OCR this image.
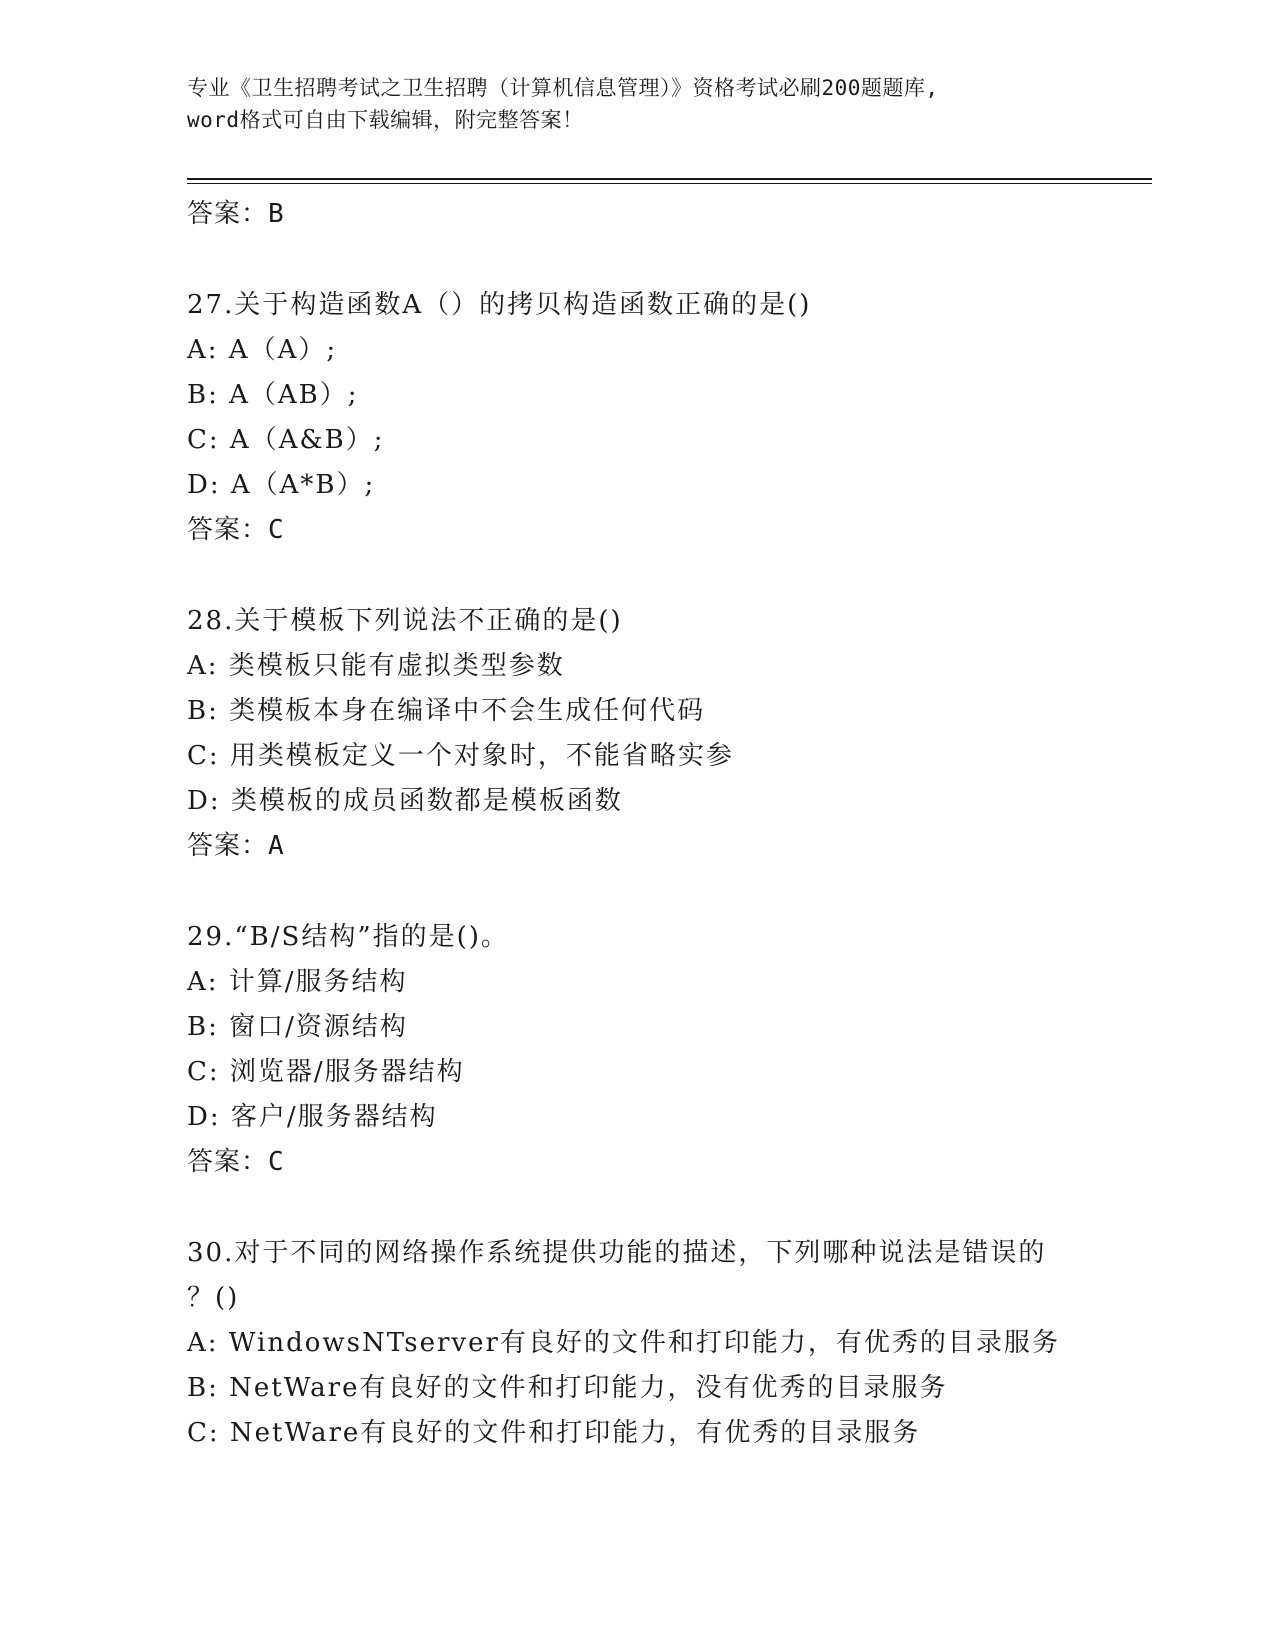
专业《卫生招聘考试之卫生招聘（计算机信息管理）》资格考试必刷200题题库,
word格式可自由下载编辑，附完整答案！
答案：B
27.关于构造函数A（）的拷贝构造函数正确的是()
A: A（A）;
B: A（AB）;
C: A（A&B）;
D: A（A*B）;
答案：C
28.关于模板下列说法不正确的是()
A: 类模板只能有虚拟类型参数
B: 类模板本身在编译中不会生成任何代码
C: 用类模板定义一个对象时，不能省略实参
D: 类模板的成员函数都是模板函数
答案：A
29.“B/S结构”指的是()。
A: 计算/服务结构
B: 窗口/资源结构
C: 浏览器/服务器结构
D: 客户/服务器结构
答案：C
30.对于不同的网络操作系统提供功能的描述，下列哪种说法是错误的
？()
A: WindowsNTserver有良好的文件和打印能力，有优秀的目录服务
B: NetWare有良好的文件和打印能力，没有优秀的目录服务
C: NetWare有良好的文件和打印能力，有优秀的目录服务
